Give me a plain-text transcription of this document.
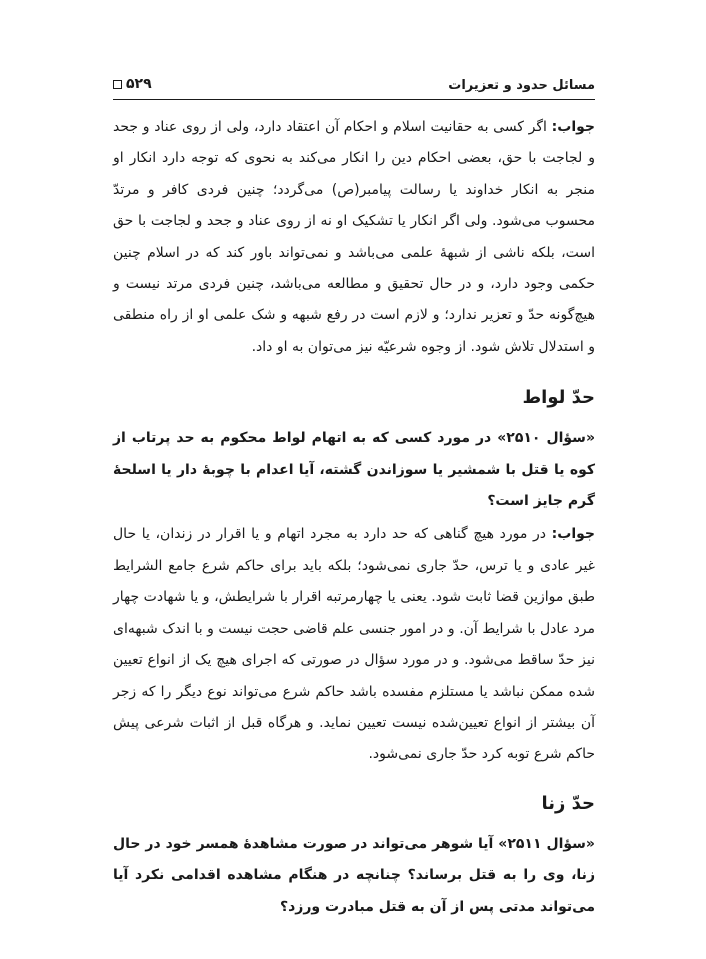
مسائل حدود و تعزیرات
۵۲۹

جواب: اگر کسی به حقانیت اسلام و احکام آن اعتقاد دارد، ولی از روی عناد و جحد و لجاجت با حق، بعضی احکام دین را انکار می‌کند به نحوی که توجه دارد انکار او منجر به انکار خداوند یا رسالت پیامبر(ص) می‌گردد؛ چنین فردی کافر و مرتدّ محسوب می‌شود. ولی اگر انکار یا تشکیک او نه از روی عناد و جحد و لجاجت با حق است، بلکه ناشی از شبههٔ علمی می‌باشد و نمی‌تواند باور کند که در اسلام چنین حکمی وجود دارد، و در حال تحقیق و مطالعه می‌باشد، چنین فردی مرتد نیست و هیچ‌گونه حدّ و تعزیر ندارد؛ و لازم است در رفع شبهه و شک علمی او از راه منطقی و استدلال تلاش شود. از وجوه شرعیّه نیز می‌توان به او داد.

حدّ لواط

«سؤال ۲۵۱۰» در مورد کسی که به اتهام لواط محکوم به حد پرتاب از کوه یا قتل با شمشیر یا سوزاندن گشته، آیا اعدام با چوبهٔ دار یا اسلحهٔ گرم جایز است؟

جواب: در مورد هیچ گناهی که حد دارد به مجرد اتهام و یا اقرار در زندان، یا حال غیر عادی و یا ترس، حدّ جاری نمی‌شود؛ بلکه باید برای حاکم شرع جامع الشرایط طبق موازین قضا ثابت شود. یعنی یا چهارمرتبه اقرار با شرایطش، و یا شهادت چهار مرد عادل با شرایط آن. و در امور جنسی علم قاضی حجت نیست و با اندک شبهه‌ای نیز حدّ ساقط می‌شود. و در مورد سؤال در صورتی که اجرای هیچ یک از انواع تعیین شده ممکن نباشد یا مستلزم مفسده باشد حاکم شرع می‌تواند نوع دیگر را که زجر آن بیشتر از انواع تعیین‌شده نیست تعیین نماید. و هرگاه قبل از اثبات شرعی پیش حاکم شرع توبه کرد حدّ جاری نمی‌شود.

حدّ زنا

«سؤال ۲۵۱۱» آیا شوهر می‌تواند در صورت مشاهدهٔ همسر خود در حال زنا، وی را به قتل برساند؟ چنانچه در هنگام مشاهده اقدامی نکرد آیا می‌تواند مدتی پس از آن به قتل مبادرت ورزد؟
